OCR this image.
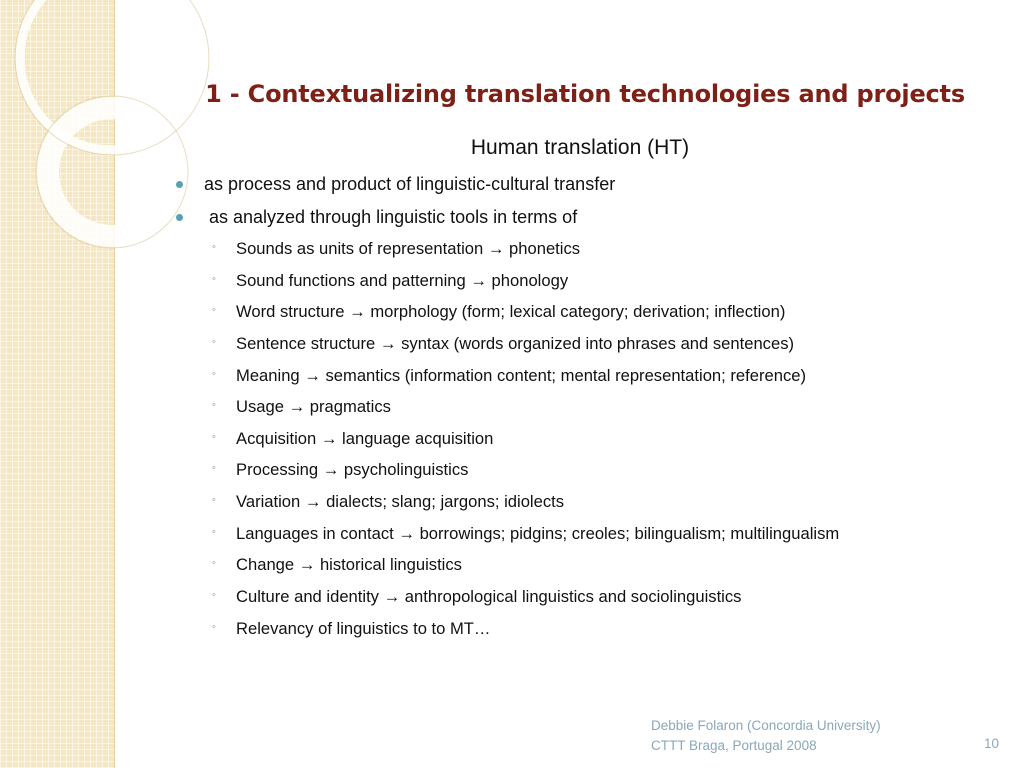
1 - Contextualizing translation technologies and projects
Human translation (HT)
as process and product of linguistic-cultural transfer
as analyzed through linguistic tools in terms of
◦ Sounds as units of representation → phonetics
◦ Sound functions and patterning → phonology
◦ Word structure → morphology (form; lexical category; derivation; inflection)
◦ Sentence structure → syntax (words organized into phrases and sentences)
◦ Meaning → semantics (information content; mental representation; reference)
◦ Usage → pragmatics
◦ Acquisition → language acquisition
◦ Processing → psycholinguistics
◦ Variation → dialects; slang; jargons; idiolects
◦ Languages in contact → borrowings; pidgins; creoles; bilingualism; multilingualism
◦ Change → historical linguistics
◦ Culture and identity → anthropological linguistics and sociolinguistics
◦ Relevancy of linguistics to to MT…
Debbie Folaron (Concordia University)
CTTT Braga, Portugal 2008	10
